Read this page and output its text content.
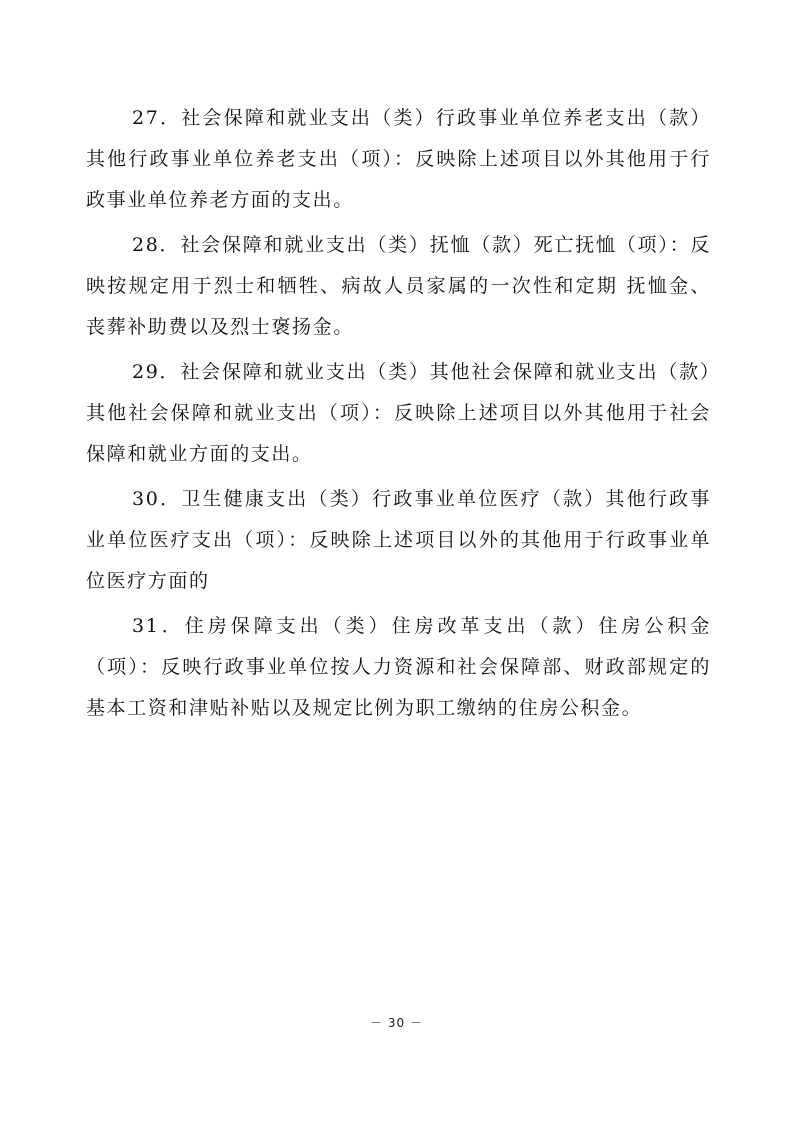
27．社会保障和就业支出（类）行政事业单位养老支出（款）其他行政事业单位养老支出（项）：反映除上述项目以外其他用于行政事业单位养老方面的支出。

28．社会保障和就业支出（类）抚恤（款）死亡抚恤（项）：反映按规定用于烈士和牺牲、病故人员家属的一次性和定期 抚恤金、丧葬补助费以及烈士褒扬金。

29．社会保障和就业支出（类）其他社会保障和就业支出（款）其他社会保障和就业支出（项）：反映除上述项目以外其他用于社会保障和就业方面的支出。

30．卫生健康支出（类）行政事业单位医疗（款）其他行政事业单位医疗支出（项）：反映除上述项目以外的其他用于行政事业单位医疗方面的

31．住房保障支出（类）住房改革支出（款）住房公积金（项）：反映行政事业单位按人力资源和社会保障部、财政部规定的 基本工资和津贴补贴以及规定比例为职工缴纳的住房公积金。

－ 30 －
